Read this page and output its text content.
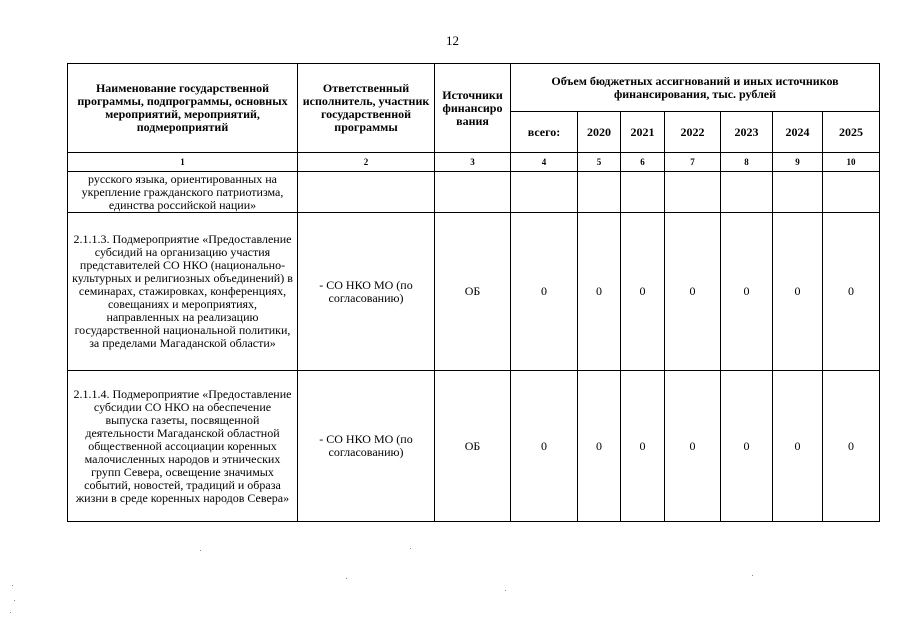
12
Наименование государственной программы, подпрограммы, основных мероприятий, мероприятий, подмероприятий	Ответственный исполнитель, участник государственной программы	Источники финансиро вания	Объем бюджетных ассигнований и иных источников финансирования, тыс. рублей						
			всего:	2020	2021	2022	2023	2024	2025
1	2	3	4	5	6	7	8	9	10
русского языка, ориентированных на укрепление гражданского патриотизма, единства российской нации»									
2.1.1.3. Подмероприятие «Предоставление субсидий на организацию участия представителей СО НКО (национально-культурных и религиозных объединений) в семинарах, стажировках, конференциях, совещаниях и мероприятиях, направленных на реализацию государственной национальной политики, за пределами Магаданской области»	- СО НКО МО (по согласованию)	ОБ	0	0	0	0	0	0	0
2.1.1.4. Подмероприятие «Предоставление субсидии СО НКО на обеспечение выпуска газеты, посвященной деятельности Магаданской областной общественной ассоциации коренных малочисленных народов и этнических групп Севера, освещение значимых событий, новостей, традиций и образа жизни в среде коренных народов Севера»	- СО НКО МО (по согласованию)	ОБ	0	0	0	0	0	0	0
